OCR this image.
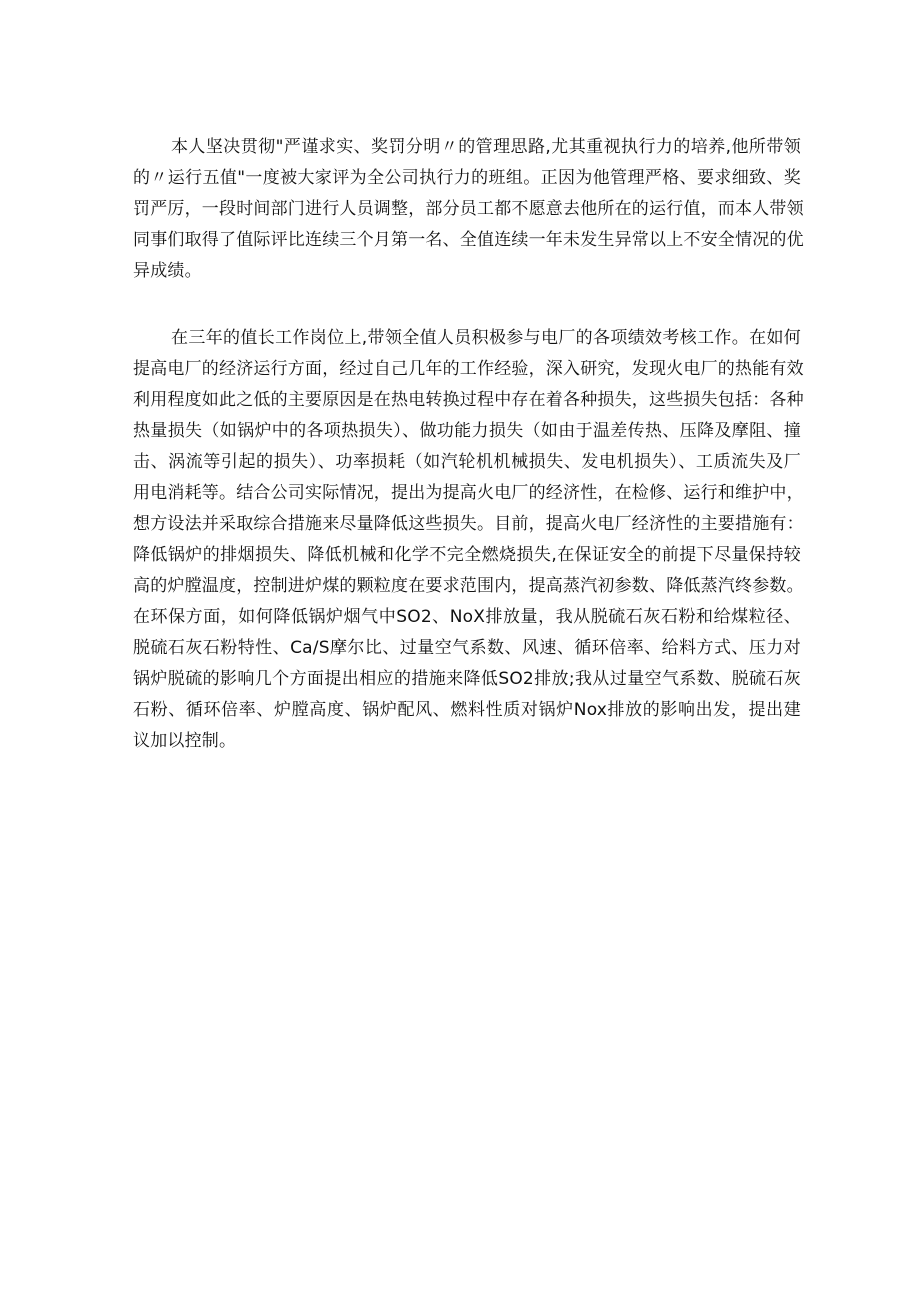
本人坚决贯彻"严谨求实、奖罚分明〃的管理思路,尤其重视执行力的培养,他所带领
的〃运行五值"一度被大家评为全公司执行力的班组。正因为他管理严格、要求细致、奖
罚严厉，一段时间部门进行人员调整，部分员工都不愿意去他所在的运行值，而本人带领
同事们取得了值际评比连续三个月第一名、全值连续一年未发生异常以上不安全情况的优
异成绩。
在三年的值长工作岗位上,带领全值人员积极参与电厂的各项绩效考核工作。在如何
提高电厂的经济运行方面，经过自己几年的工作经验，深入研究，发现火电厂的热能有效
利用程度如此之低的主要原因是在热电转换过程中存在着各种损失，这些损失包括：各种
热量损失（如锅炉中的各项热损失）、做功能力损失（如由于温差传热、压降及摩阻、撞
击、涡流等引起的损失）、功率损耗（如汽轮机机械损失、发电机损失）、工质流失及厂
用电消耗等。结合公司实际情况，提出为提高火电厂的经济性，在检修、运行和维护中，
想方设法并采取综合措施来尽量降低这些损失。目前，提高火电厂经济性的主要措施有：
降低锅炉的排烟损失、降低机械和化学不完全燃烧损失,在保证安全的前提下尽量保持较
高的炉膛温度，控制进炉煤的颗粒度在要求范围内，提高蒸汽初参数、降低蒸汽终参数。
在环保方面，如何降低锅炉烟气中SO2、NoX排放量，我从脱硫石灰石粉和给煤粒径、
脱硫石灰石粉特性、Ca/S摩尔比、过量空气系数、风速、循环倍率、给料方式、压力对
锅炉脱硫的影响几个方面提出相应的措施来降低SO2排放;我从过量空气系数、脱硫石灰
石粉、循环倍率、炉膛高度、锅炉配风、燃料性质对锅炉Nox排放的影响出发，提出建
议加以控制。
